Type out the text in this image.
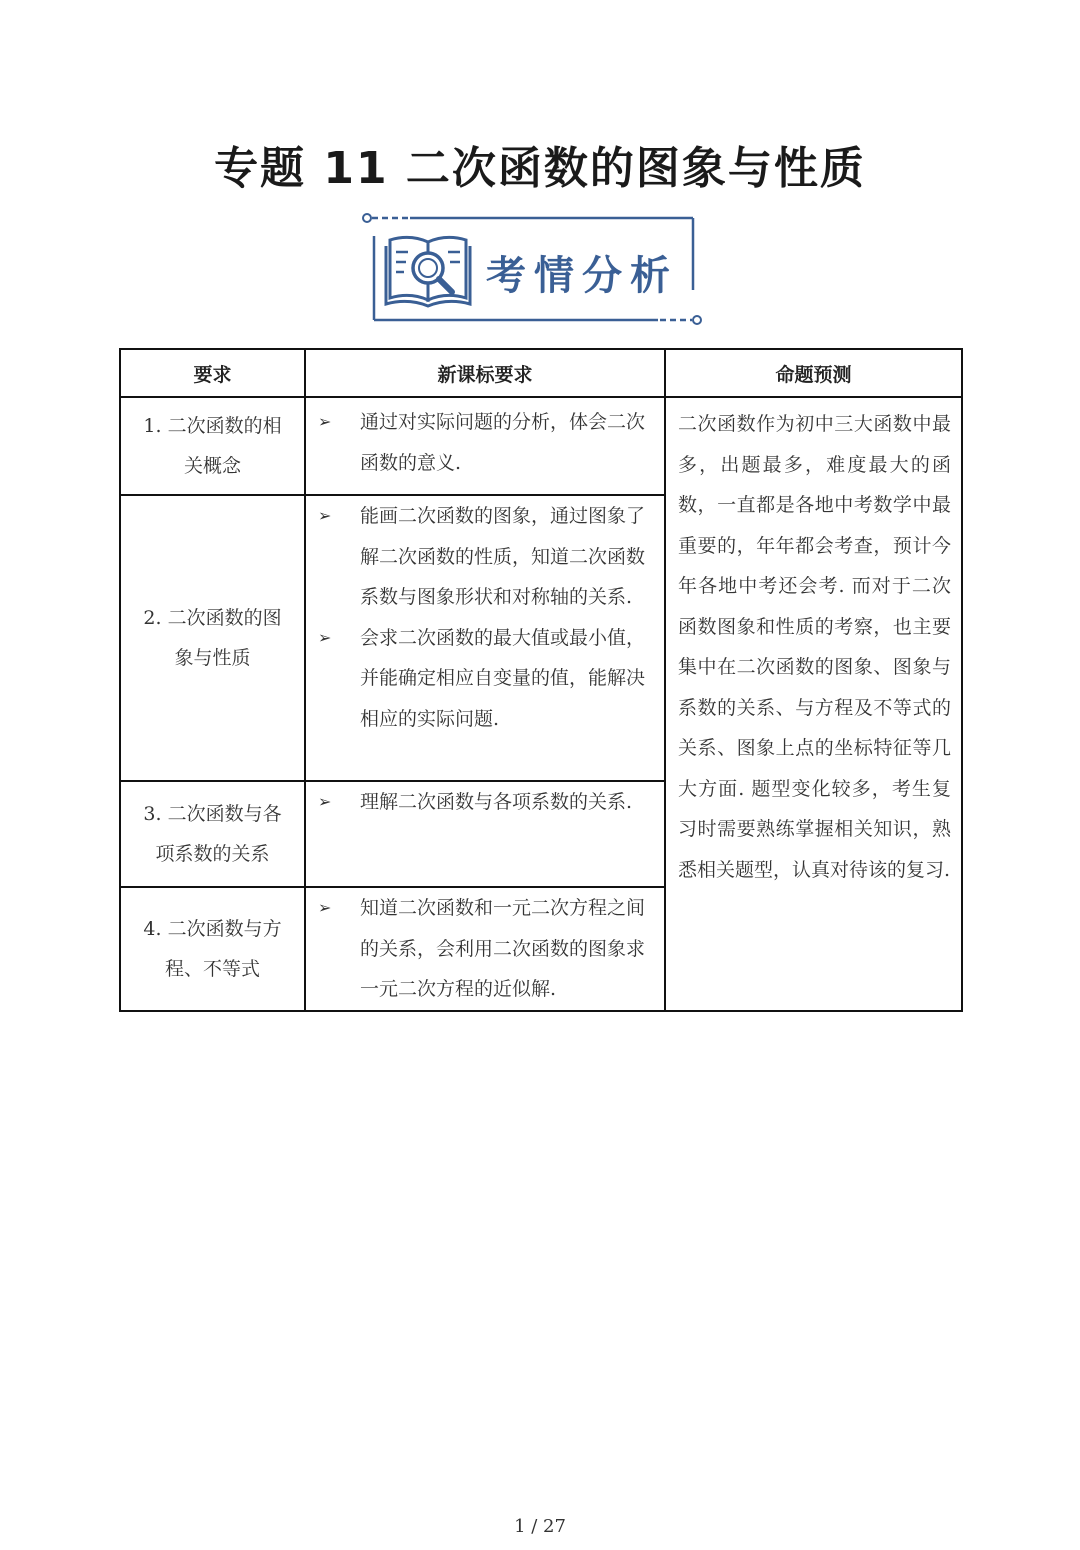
专题 11 二次函数的图象与性质
考情分析
要求	新课标要求	命题预测
1. 二次函数的相关概念	➢ 通过对实际问题的分析，体会二次函数的意义.	二次函数作为初中三大函数中最多，出题最多，难度最大的函数，一直都是各地中考数学中最重要的，年年都会考查，预计今年各地中考还会考. 而对于二次函数图象和性质的考察，也主要集中在二次函数的图象、图象与系数的关系、与方程及不等式的关系、图象上点的坐标特征等几大方面. 题型变化较多，考生复习时需要熟练掌握相关知识，熟悉相关题型，认真对待该的复习.
2. 二次函数的图象与性质	➢ 能画二次函数的图象，通过图象了解二次函数的性质，知道二次函数系数与图象形状和对称轴的关系.
➢ 会求二次函数的最大值或最小值，并能确定相应自变量的值，能解决相应的实际问题.	

3. 二次函数与各项系数的关系	➢ 理解二次函数与各项系数的关系.	

4. 二次函数与方程、不等式	➢ 知道二次函数和一元二次方程之间的关系，会利用二次函数的图象求一元二次方程的近似解.	
1 / 27
